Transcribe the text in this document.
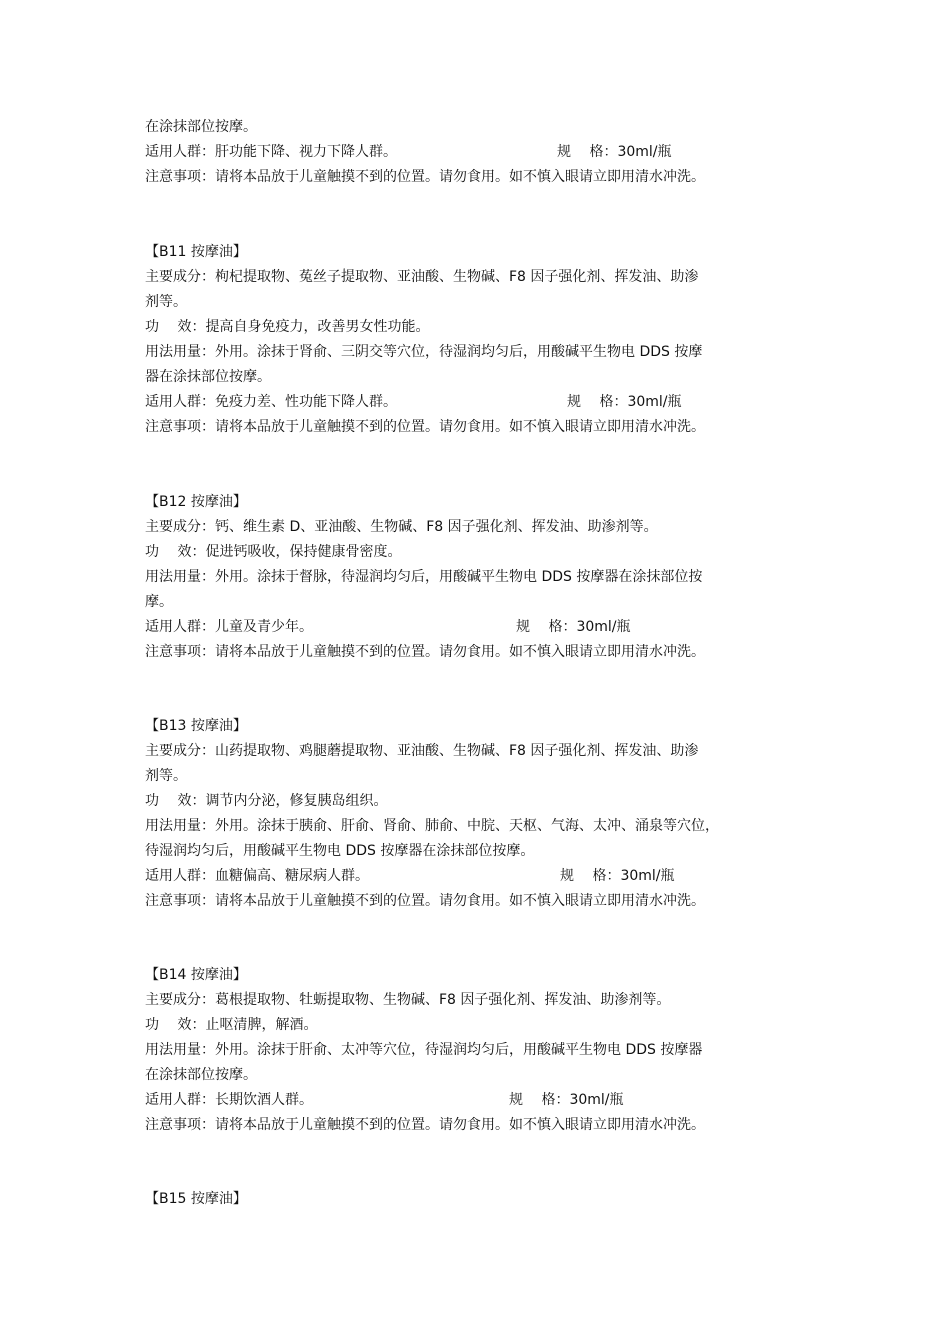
在涂抹部位按摩。
适用人群：肝功能下降、视力下降人群。	规　 格：30ml/瓶
注意事项：请将本品放于儿童触摸不到的位置。请勿食用。如不慎入眼请立即用清水冲洗。
【B11 按摩油】
主要成分：枸杞提取物、菟丝子提取物、亚油酸、生物碱、F8 因子强化剂、挥发油、助渗
剂等。
功　 效：提高自身免疫力，改善男女性功能。
用法用量：外用。涂抹于肾俞、三阴交等穴位，待湿润均匀后，用酸碱平生物电 DDS 按摩
器在涂抹部位按摩。
适用人群：免疫力差、性功能下降人群。	规　 格：30ml/瓶
注意事项：请将本品放于儿童触摸不到的位置。请勿食用。如不慎入眼请立即用清水冲洗。
【B12 按摩油】
主要成分：钙、维生素 D、亚油酸、生物碱、F8 因子强化剂、挥发油、助渗剂等。
功　 效：促进钙吸收，保持健康骨密度。
用法用量：外用。涂抹于督脉，待湿润均匀后，用酸碱平生物电 DDS 按摩器在涂抹部位按
摩。
适用人群：儿童及青少年。	规　 格：30ml/瓶
注意事项：请将本品放于儿童触摸不到的位置。请勿食用。如不慎入眼请立即用清水冲洗。
【B13 按摩油】
主要成分：山药提取物、鸡腿蘑提取物、亚油酸、生物碱、F8 因子强化剂、挥发油、助渗
剂等。
功　 效：调节内分泌，修复胰岛组织。
用法用量：外用。涂抹于胰俞、肝俞、肾俞、肺俞、中脘、天枢、气海、太冲、涌泉等穴位，
待湿润均匀后，用酸碱平生物电 DDS 按摩器在涂抹部位按摩。
适用人群：血糖偏高、糖尿病人群。	规　 格：30ml/瓶
注意事项：请将本品放于儿童触摸不到的位置。请勿食用。如不慎入眼请立即用清水冲洗。
【B14 按摩油】
主要成分：葛根提取物、牡蛎提取物、生物碱、F8 因子强化剂、挥发油、助渗剂等。
功　 效：止呕清脾，解酒。
用法用量：外用。涂抹于肝俞、太冲等穴位，待湿润均匀后，用酸碱平生物电 DDS 按摩器
在涂抹部位按摩。
适用人群：长期饮酒人群。	规　 格：30ml/瓶
注意事项：请将本品放于儿童触摸不到的位置。请勿食用。如不慎入眼请立即用清水冲洗。
【B15 按摩油】
